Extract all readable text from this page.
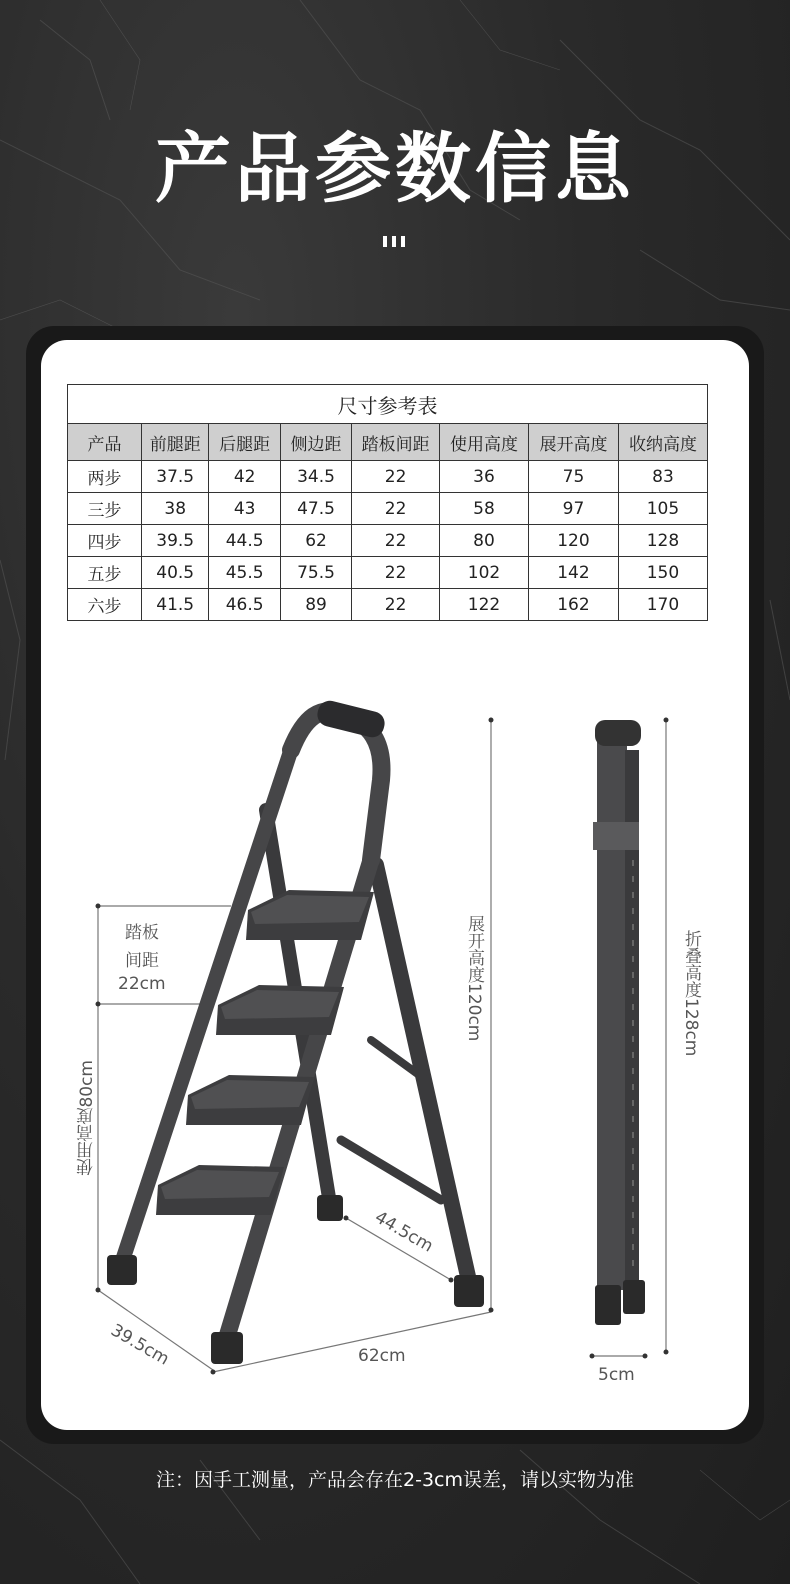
产品参数信息
尺寸参考表							
产品	前腿距	后腿距	侧边距	踏板间距	使用高度	展开高度	收纳高度
两步	37.5	42	34.5	22	36	75	83
三步	38	43	47.5	22	58	97	105
四步	39.5	44.5	62	22	80	120	128
五步	40.5	45.5	75.5	22	102	142	150
六步	41.5	46.5	89	22	122	162	170
踏板
间距
22cm
使用高度80cm
展开高度120cm	折叠高度128cm
44.5cm
39.5cm	62cm
5cm
注：因手工测量，产品会存在2-3cm误差，请以实物为准
